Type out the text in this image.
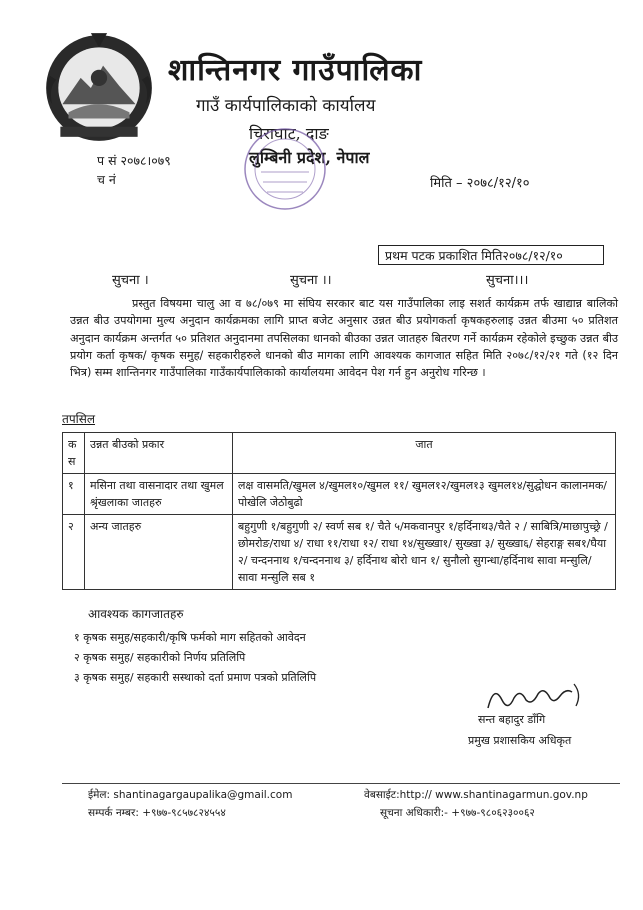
शान्तिनगर गाउँपालिका
गाउँ कार्यपालिकाको कार्यालय
चिराघाट, दाङ
लुम्बिनी प्रदेश, नेपाल
प सं २०७८।०७९
च नं	मिति – २०७८/१२/१०
प्रथम पटक प्रकाशित मिति२०७८/१२/१०
सुचना ।	सुचना ।।	सुचना।।।

प्रस्तुत विषयमा चालु आ व ७८/०७९ मा संघिय सरकार बाट यस गाउँपालिका लाइ सशर्त कार्यक्रम तर्फ खाद्यान्न बालिको उन्नत बीउ उपयोगमा मुल्य अनुदान कार्यक्रमका लागि प्राप्त बजेट अनुसार उन्नत बीउ प्रयोगकर्ता कृषकहरुलाइ उन्नत बीउमा ५० प्रतिशत अनुदान कार्यक्रम अन्तर्गत ५० प्रतिशत अनुदानमा तपसिलका धानको बीउका उन्नत जातहरु बितरण गर्ने कार्यक्रम रहेकोले इच्छुक उन्नत बीउ प्रयोग कर्ता कृषक/ कृषक समुह/ सहकारीहरुले धानको बीउ मागका लागि आवश्यक कागजात सहित मिति २०७८/१२/२१ गते (१२ दिन भित्र) सम्म शान्तिनगर गाउँपालिका गाउँकार्यपालिकाको कार्यालयमा आवेदन पेश गर्न हुन अनुरोध गरिन्छ ।

तपसिल
क स	उन्नत बीउको प्रकार	जात
१	मसिना तथा वासनादार तथा खुमल श्रृंखलाका जातहरु	लक्ष वासमति/खुमल ४/खुमल१०/खुमल ११/ खुमल१२/खुमल१३ खुमल१४/सुद्घोधन कालानमक/ पोखेलि जेठोबुढो
२	अन्य जातहरु	बहुगुणी १/बहुगुणी २/ स्वर्ण सब १/ चैते ५/मकवानपुर १/हर्दिनाथ३/चैते २ / साबित्रि/माछापुच्छ्रे /छोमरोङ/राधा ४/ राधा ११/राधा १२/ राधा १४/सुख्खा१/ सुख्खा ३/ सुख्खा६/ सेहराङ्ग सब१/घैया २/ चन्दननाथ १/चन्दननाथ ३/ हर्दिनाथ बोरो धान १/ सुनौलो सुगन्धा/हर्दिनाथ सावा मन्सुलि/सावा मन्सुलि सब १
आवश्यक कागजातहरु
१ कृषक समुह/सहकारी/कृषि फर्मको माग सहितको आवेदन
२ कृषक समुह/ सहकारीको निर्णय प्रतिलिपि
३ कृषक समुह/ सहकारी सस्थाको दर्ता प्रमाण पत्रको प्रतिलिपि
सन्त बहादुर डाँगि
प्रमुख प्रशासकिय अधिकृत
ईमेल: shantinagargaupalika@gmail.com
सम्पर्क नम्बर: +९७७-९८५७८२४५५४
वेबसाईट:http:// www.shantinagarmun.gov.np
सूचना अधिकारी:- +९७७-९८०६२३००६२
